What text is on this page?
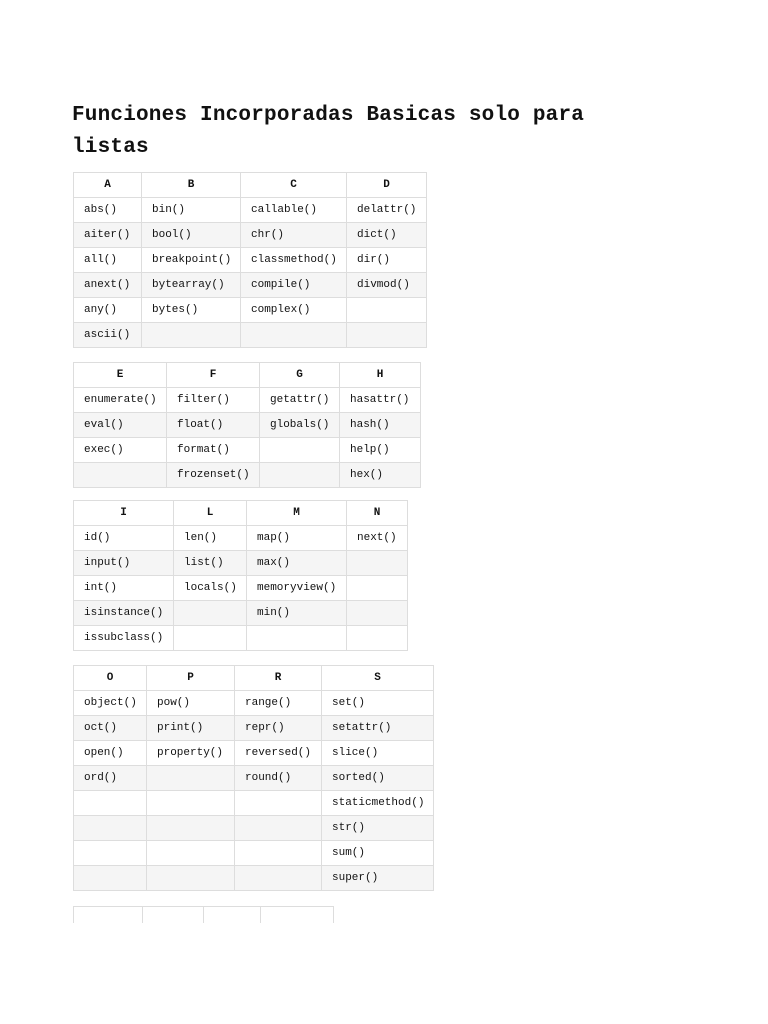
Funciones Incorporadas Basicas solo para listas
A	B	C	D
abs()	bin()	callable()	delattr()
aiter()	bool()	chr()	dict()
all()	breakpoint()	classmethod()	dir()
anext()	bytearray()	compile()	divmod()
any()	bytes()	complex()	
ascii()			
E	F	G	H
enumerate()	filter()	getattr()	hasattr()
eval()	float()	globals()	hash()
exec()	format()		help()
	frozenset()		hex()
I	L	M	N
id()	len()	map()	next()
input()	list()	max()	
int()	locals()	memoryview()	
isinstance()		min()	
issubclass()			
O	P	R	S
object()	pow()	range()	set()
oct()	print()	repr()	setattr()
open()	property()	reversed()	slice()
ord()		round()	sorted()
			staticmethod()
			str()
			sum()
			super()
